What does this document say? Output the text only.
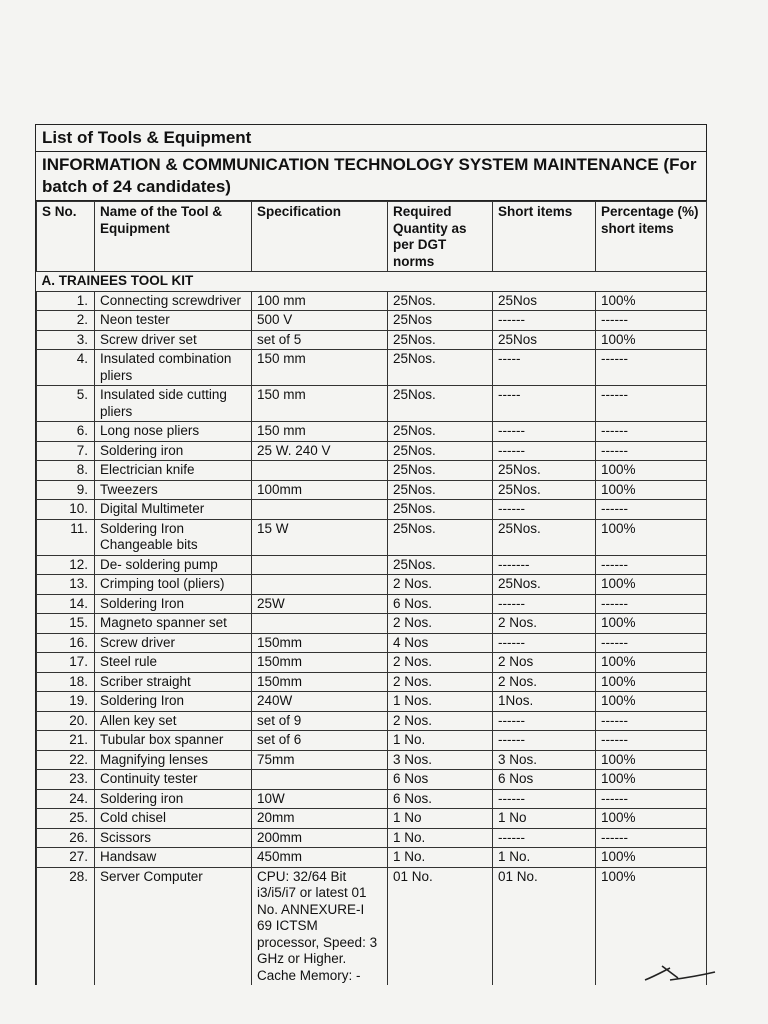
List of Tools & Equipment
INFORMATION & COMMUNICATION TECHNOLOGY SYSTEM MAINTENANCE (For batch of 24 candidates)
S No.	Name of the Tool & Equipment	Specification	Required Quantity as per DGT norms	Short items	Percentage (%) short items
A. TRAINEES TOOL KIT					
1.	Connecting screwdriver	100 mm	25Nos.	25Nos	100%
2.	Neon tester	500 V	25Nos	------	------
3.	Screw driver set	set of 5	25Nos.	25Nos	100%
4.	Insulated combination pliers	150 mm	25Nos.	-----	------
5.	Insulated side cutting pliers	150 mm	25Nos.	-----	------
6.	Long nose pliers	150 mm	25Nos.	------	------
7.	Soldering iron	25 W. 240 V	25Nos.	------	------
8.	Electrician knife		25Nos.	25Nos.	100%
9.	Tweezers	100mm	25Nos.	25Nos.	100%
10.	Digital Multimeter		25Nos.	------	------
11.	Soldering Iron Changeable bits	15 W	25Nos.	25Nos.	100%
12.	De- soldering pump		25Nos.	-------	------
13.	Crimping tool (pliers)		2 Nos.	25Nos.	100%
14.	Soldering Iron	25W	6 Nos.	------	------
15.	Magneto spanner set		2 Nos.	2 Nos.	100%
16.	Screw driver	150mm	4 Nos	------	------
17.	Steel rule	150mm	2 Nos.	2 Nos	100%
18.	Scriber straight	150mm	2 Nos.	2 Nos.	100%
19.	Soldering Iron	240W	1 Nos.	1Nos.	100%
20.	Allen key set	set of 9	2 Nos.	------	------
21.	Tubular box spanner	set of 6	1 No.	------	------
22.	Magnifying lenses	75mm	3 Nos.	3 Nos.	100%
23.	Continuity tester		6 Nos	6 Nos	100%
24.	Soldering iron	10W	6 Nos.	------	------
25.	Cold chisel	20mm	1 No	1 No	100%
26.	Scissors	200mm	1 No.	------	------
27.	Handsaw	450mm	1 No.	1 No.	100%
28.	Server Computer	CPU: 32/64 Bit i3/i5/i7 or latest 01 No. ANNEXURE-I 69 ICTSM processor, Speed: 3 GHz or Higher. Cache Memory: -	01 No.	01 No.	100%
